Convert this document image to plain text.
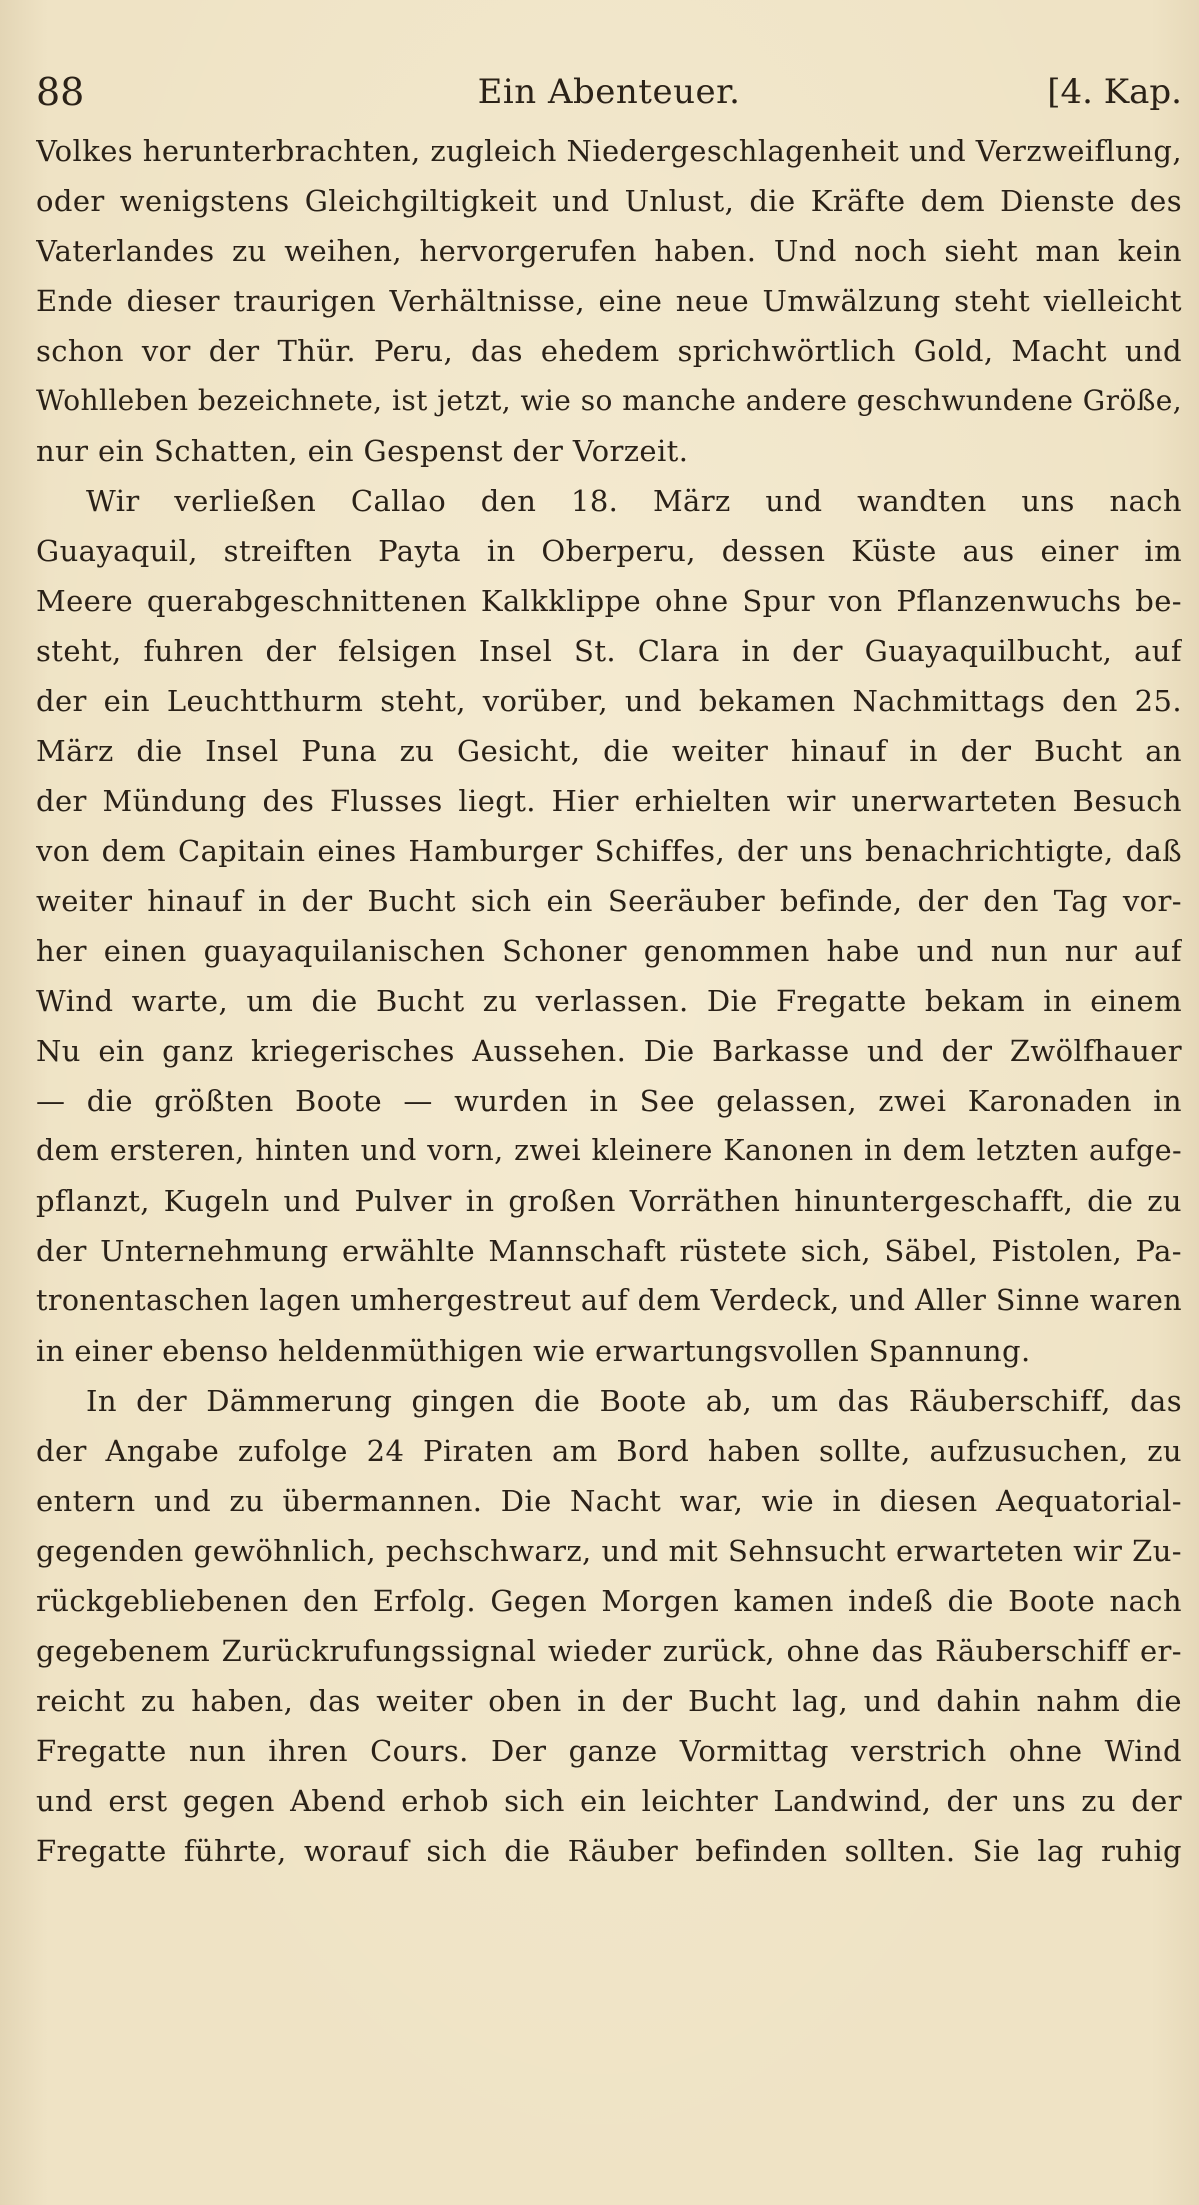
88	Ein Abenteuer.	[4. Kap.
Volkes herunterbrachten, zugleich Niedergeschlagenheit und Verzweiflung,
oder wenigstens Gleichgiltigkeit und Unlust, die Kräfte dem Dienste des
Vaterlandes zu weihen, hervorgerufen haben. Und noch sieht man kein
Ende dieser traurigen Verhältnisse, eine neue Umwälzung steht vielleicht
schon vor der Thür. Peru, das ehedem sprichwörtlich Gold, Macht und
Wohlleben bezeichnete, ist jetzt, wie so manche andere geschwundene Größe,
nur ein Schatten, ein Gespenst der Vorzeit.
Wir verließen Callao den 18. März und wandten uns nach
Guayaquil, streiften Payta in Oberperu, dessen Küste aus einer im
Meere querabgeschnittenen Kalkklippe ohne Spur von Pflanzenwuchs be-
steht, fuhren der felsigen Insel St. Clara in der Guayaquilbucht, auf
der ein Leuchtthurm steht, vorüber, und bekamen Nachmittags den 25.
März die Insel Puna zu Gesicht, die weiter hinauf in der Bucht an
der Mündung des Flusses liegt. Hier erhielten wir unerwarteten Besuch
von dem Capitain eines Hamburger Schiffes, der uns benachrichtigte, daß
weiter hinauf in der Bucht sich ein Seeräuber befinde, der den Tag vor-
her einen guayaquilanischen Schoner genommen habe und nun nur auf
Wind warte, um die Bucht zu verlassen. Die Fregatte bekam in einem
Nu ein ganz kriegerisches Aussehen. Die Barkasse und der Zwölfhauer
— die größten Boote — wurden in See gelassen, zwei Karonaden in
dem ersteren, hinten und vorn, zwei kleinere Kanonen in dem letzten aufge-
pflanzt, Kugeln und Pulver in großen Vorräthen hinuntergeschafft, die zu
der Unternehmung erwählte Mannschaft rüstete sich, Säbel, Pistolen, Pa-
tronentaschen lagen umhergestreut auf dem Verdeck, und Aller Sinne waren
in einer ebenso heldenmüthigen wie erwartungsvollen Spannung.
In der Dämmerung gingen die Boote ab, um das Räuberschiff, das
der Angabe zufolge 24 Piraten am Bord haben sollte, aufzusuchen, zu
entern und zu übermannen. Die Nacht war, wie in diesen Aequatorial-
gegenden gewöhnlich, pechschwarz, und mit Sehnsucht erwarteten wir Zu-
rückgebliebenen den Erfolg. Gegen Morgen kamen indeß die Boote nach
gegebenem Zurückrufungssignal wieder zurück, ohne das Räuberschiff er-
reicht zu haben, das weiter oben in der Bucht lag, und dahin nahm die
Fregatte nun ihren Cours. Der ganze Vormittag verstrich ohne Wind
und erst gegen Abend erhob sich ein leichter Landwind, der uns zu der
Fregatte führte, worauf sich die Räuber befinden sollten. Sie lag ruhig
